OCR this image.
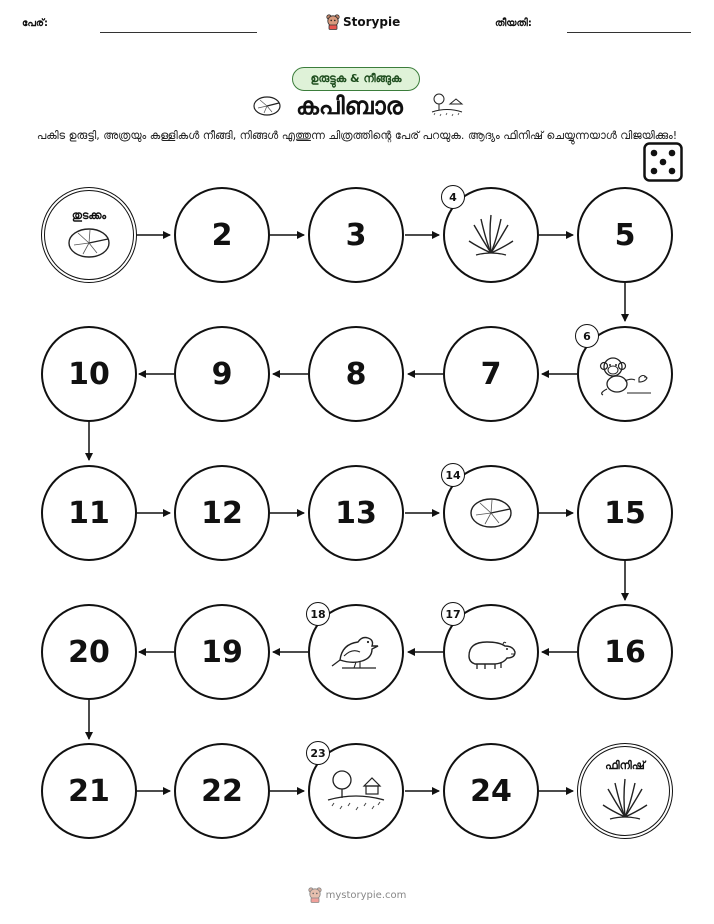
പേര്:	Storypie	തീയതി:
ഉരുട്ടുക & നീങ്ങുക
കപിബാര
പകിട ഉരുട്ടി, അത്രയും കള്ളികൾ നീങ്ങി, നിങ്ങൾ എത്തുന്ന ചിത്രത്തിന്റെ പേര് പറയുക. ആദ്യം ഫിനിഷ് ചെയ്യുന്നയാൾ വിജയിക്കും!
തുടക്കം
2	3
4
5
6
7
8
9
10
11	12	13
14
15
16
17
18
19
20
21	22
23
24
ഫിനിഷ്
mystorypie.com
